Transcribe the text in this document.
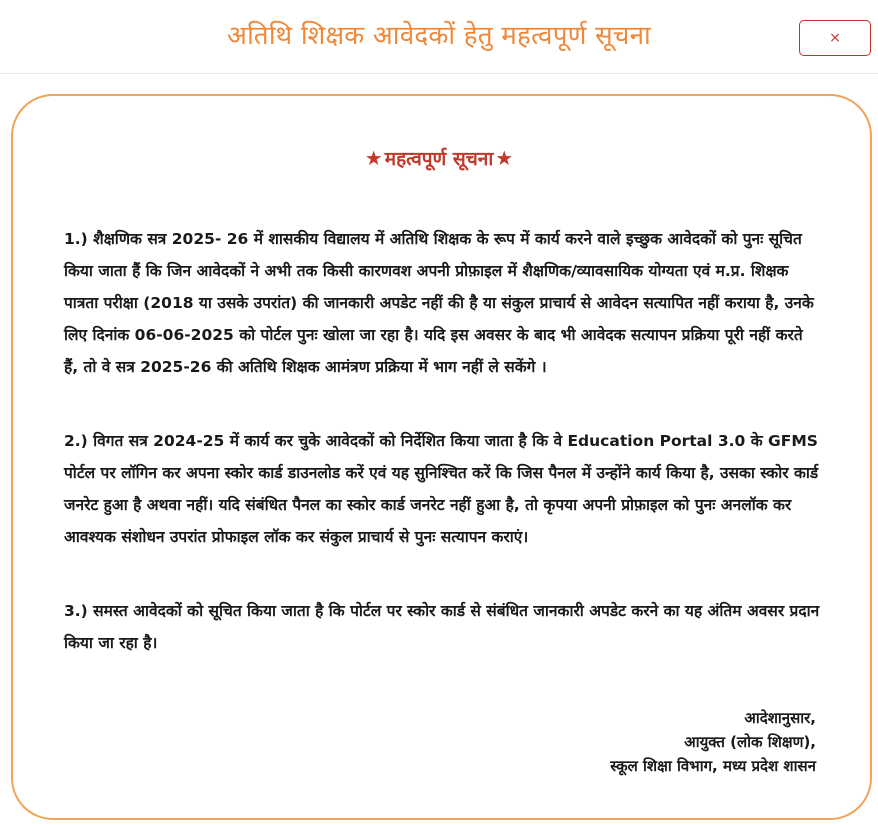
अतिथि शिक्षक आवेदकों हेतु महत्वपूर्ण सूचना	×
★ महत्वपूर्ण सूचना ★

1.) शैक्षणिक सत्र 2025- 26 में शासकीय विद्यालय में अतिथि शिक्षक के रूप में कार्य करने वाले इच्छुक आवेदकों को पुनः सूचित किया जाता हैं कि जिन आवेदकों ने अभी तक किसी कारणवश अपनी प्रोफ़ाइल में शैक्षणिक/व्यावसायिक योग्यता एवं म.प्र. शिक्षक पात्रता परीक्षा (2018 या उसके उपरांत) की जानकारी अपडेट नहीं की है या संकुल प्राचार्य से आवेदन सत्यापित नहीं कराया है, उनके लिए दिनांक 06-06-2025 को पोर्टल पुनः खोला जा रहा है। यदि इस अवसर के बाद भी आवेदक सत्यापन प्रक्रिया पूरी नहीं करते हैं, तो वे सत्र 2025-26 की अतिथि शिक्षक आमंत्रण प्रक्रिया में भाग नहीं ले सकेंगे ।

2.) विगत सत्र 2024-25 में कार्य कर चुके आवेदकों को निर्देशित किया जाता है कि वे Education Portal 3.0 के GFMS पोर्टल पर लॉगिन कर अपना स्कोर कार्ड डाउनलोड करें एवं यह सुनिश्चित करें कि जिस पैनल में उन्होंने कार्य किया है, उसका स्कोर कार्ड जनरेट हुआ है अथवा नहीं। यदि संबंधित पैनल का स्कोर कार्ड जनरेट नहीं हुआ है, तो कृपया अपनी प्रोफ़ाइल को पुनः अनलॉक कर आवश्यक संशोधन उपरांत प्रोफाइल लॉक कर संकुल प्राचार्य से पुनः सत्यापन कराएं।

3.) समस्त आवेदकों को सूचित किया जाता है कि पोर्टल पर स्कोर कार्ड से संबंधित जानकारी अपडेट करने का यह अंतिम अवसर प्रदान किया जा रहा है।

आदेशानुसार,
आयुक्त (लोक शिक्षण),
स्कूल शिक्षा विभाग, मध्य प्रदेश शासन
